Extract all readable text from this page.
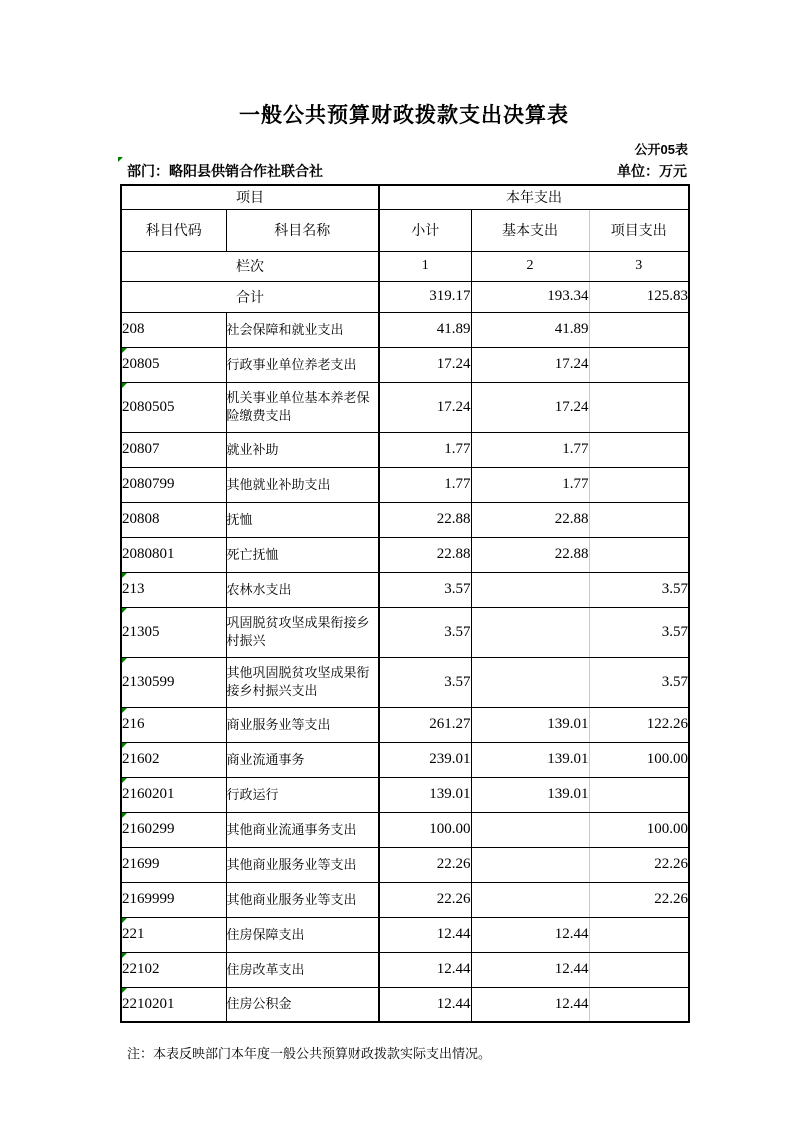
一般公共预算财政拨款支出决算表
公开05表
部门：略阳县供销合作社联合社	单位：万元
项目		本年支出		
科目代码	科目名称	小计	基本支出	项目支出
栏次		1	2	3
合计		319.17	193.34	125.83
208	社会保障和就业支出	41.89	41.89	

20805	行政事业单位养老支出	17.24	17.24	

2080505	机关事业单位基本养老保险缴费支出	17.24	17.24	
20807	就业补助	1.77	1.77	
2080799	其他就业补助支出	1.77	1.77	
20808	抚恤	22.88	22.88	
2080801	死亡抚恤	22.88	22.88	

213	农林水支出	3.57		3.57

21305	巩固脱贫攻坚成果衔接乡村振兴	3.57		3.57

2130599	其他巩固脱贫攻坚成果衔接乡村振兴支出	3.57		3.57

216	商业服务业等支出	261.27	139.01	122.26

21602	商业流通事务	239.01	139.01	100.00

2160201	行政运行	139.01	139.01	

2160299	其他商业流通事务支出	100.00		100.00
21699	其他商业服务业等支出	22.26		22.26
2169999	其他商业服务业等支出	22.26		22.26

221	住房保障支出	12.44	12.44	

22102	住房改革支出	12.44	12.44	

2210201	住房公积金	12.44	12.44	
注：本表反映部门本年度一般公共预算财政拨款实际支出情况。
